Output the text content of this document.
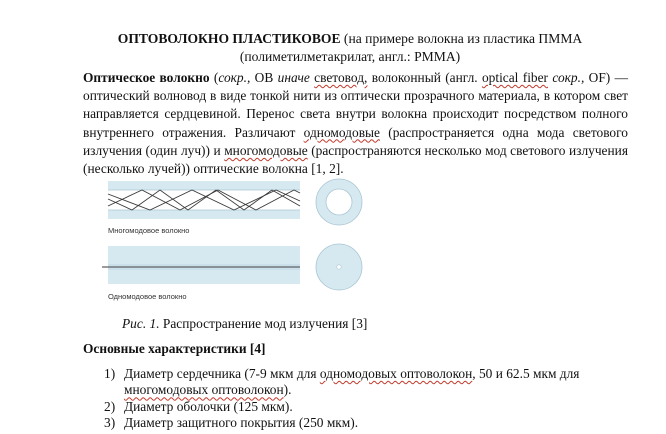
ОПТОВОЛОКНО ПЛАСТИКОВОЕ (на примере волокна из пластика ПММА
(полиметилметакрилат, англ.: PMMA)
Оптическое волокно (сокр., ОВ иначе световод, волоконный (англ. optical fiber сокр., OF) — оптический волновод в виде тонкой нити из оптически прозрачного материала, в котором свет направляется сердцевиной. Перенос света внутри волокна происходит посредством полного внутреннего отражения. Различают одномодовые (распространяется одна мода светового излучения (один луч)) и многомодовые (распространяются несколько мод светового излучения (несколько лучей)) оптические волокна [1, 2].
Многомодовое волокно
Одномодовое волокно
Рис. 1. Распространение мод излучения [3]
Основные характеристики [4]
1) Диаметр сердечника (7-9 мкм для одномодовых оптоволокон, 50 и 62.5 мкм для многомодовых оптоволокон).
2) Диаметр оболочки (125 мкм).
3) Диаметр защитного покрытия (250 мкм).
